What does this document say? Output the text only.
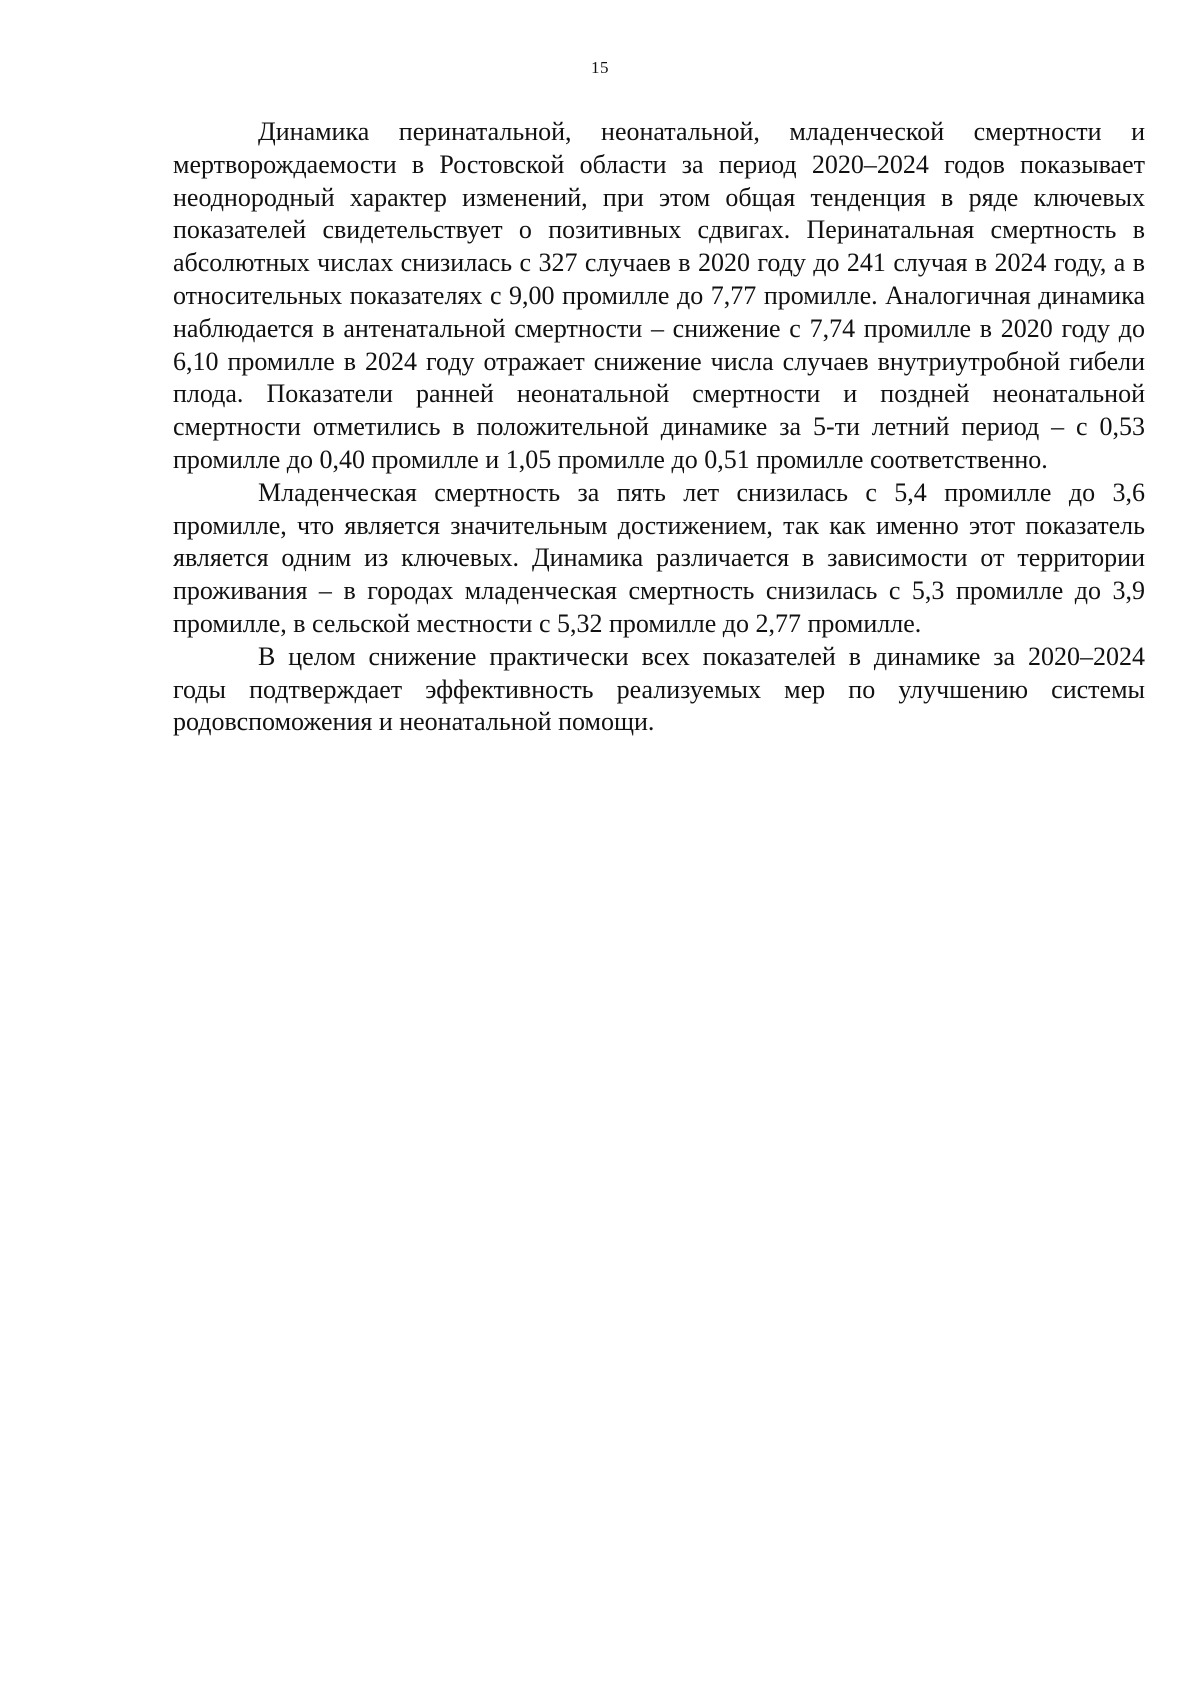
15

Динамика перинатальной, неонатальной, младенческой смертности и мертворождаемости в Ростовской области за период 2020–2024 годов показывает неоднородный характер изменений, при этом общая тенденция в ряде ключевых показателей свидетельствует о позитивных сдвигах. Перинатальная смертность в абсолютных числах снизилась с 327 случаев в 2020 году до 241 случая в 2024 году, а в относительных показателях с 9,00 промилле до 7,77 промилле. Аналогичная динамика наблюдается в антенатальной смертности – снижение с 7,74 промилле в 2020 году до 6,10 промилле в 2024 году отражает снижение числа случаев внутриутробной гибели плода. Показатели ранней неонатальной смертности и поздней неонатальной смертности отметились в положительной динамике за 5-ти летний период – с 0,53 промилле до 0,40 промилле и 1,05 промилле до 0,51 промилле соответственно.

Младенческая смертность за пять лет снизилась с 5,4 промилле до 3,6 промилле, что является значительным достижением, так как именно этот показатель является одним из ключевых. Динамика различается в зависимости от территории проживания – в городах младенческая смертность снизилась с 5,3 промилле до 3,9 промилле, в сельской местности с 5,32 промилле до 2,77 промилле.

В целом снижение практически всех показателей в динамике за 2020–2024 годы подтверждает эффективность реализуемых мер по улучшению системы родовспоможения и неонатальной помощи.
